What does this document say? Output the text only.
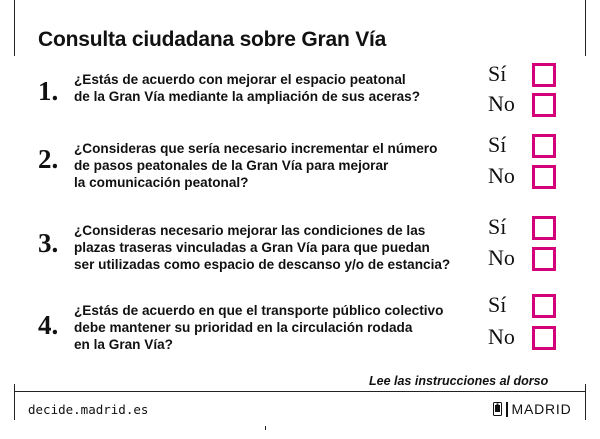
Consulta ciudadana sobre Gran Vía
1. ¿Estás de acuerdo con mejorar el espacio peatonal
de la Gran Vía mediante la ampliación de sus aceras?
Sí
No
2. ¿Consideras que sería necesario incrementar el número
de pasos peatonales de la Gran Vía para mejorar
la comunicación peatonal?
Sí
No
3. ¿Consideras necesario mejorar las condiciones de las
plazas traseras vinculadas a Gran Vía para que puedan
ser utilizadas como espacio de descanso y/o de estancia?
Sí
No
4. ¿Estás de acuerdo en que el transporte público colectivo
debe mantener su prioridad en la circulación rodada
en la Gran Vía?
Sí
No
Lee las instrucciones al dorso
decide.madrid.es	MADRID
